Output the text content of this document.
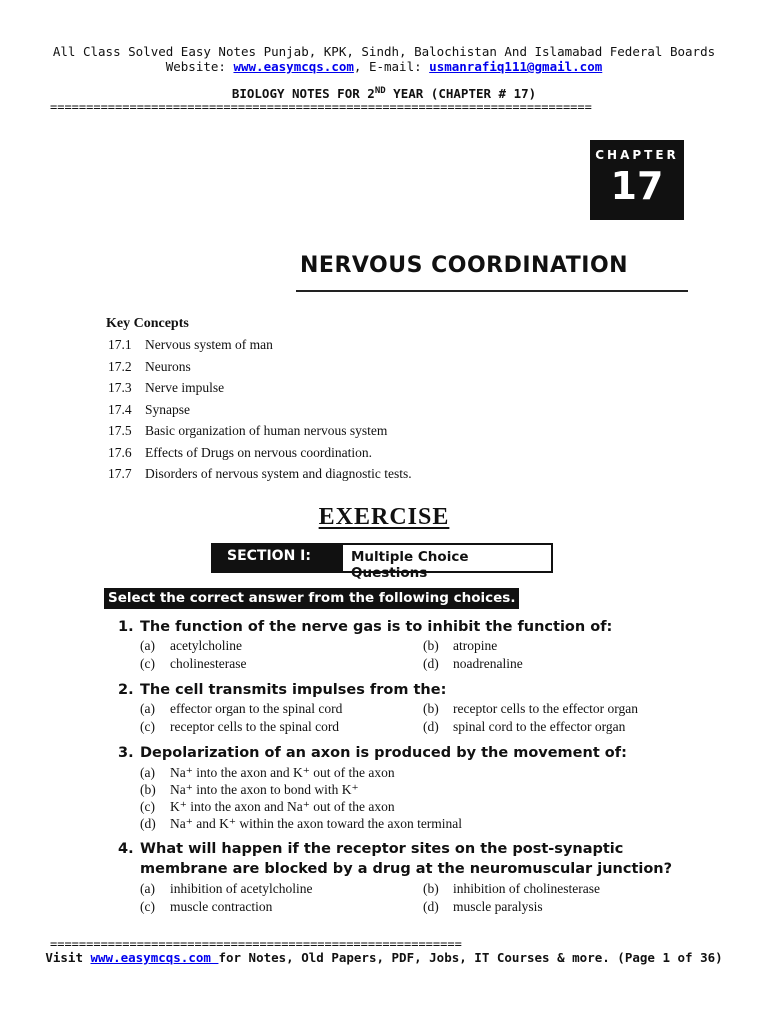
All Class Solved Easy Notes Punjab, KPK, Sindh, Balochistan And Islamabad Federal Boards
Website: www.easymcqs.com, E-mail: usmanrafiq111@gmail.com
BIOLOGY NOTES FOR 2ND YEAR (CHAPTER # 17)
===========================================================================
CHAPTER
17
NERVOUS COORDINATION
Key Concepts
17.1 Nervous system of man
17.2 Neurons
17.3 Nerve impulse
17.4 Synapse
17.5 Basic organization of human nervous system
17.6 Effects of Drugs on nervous coordination.
17.7 Disorders of nervous system and diagnostic tests.
EXERCISE
SECTION I:	Multiple Choice Questions
Select the correct answer from the following choices.
1. The function of the nerve gas is to inhibit the function of:
(a) acetylcholine	(b) atropine
(c) cholinesterase	(d) noadrenaline
2. The cell transmits impulses from the:
(a) effector organ to the spinal cord	(b) receptor cells to the effector organ
(c) receptor cells to the spinal cord	(d) spinal cord to the effector organ
3. Depolarization of an axon is produced by the movement of:
(a) Na⁺ into the axon and K⁺ out of the axon
(b) Na⁺ into the axon to bond with K⁺
(c) K⁺ into the axon and Na⁺ out of the axon
(d) Na⁺ and K⁺ within the axon toward the axon terminal
4. What will happen if the receptor sites on the post-synaptic membrane are blocked by a drug at the neuromuscular junction?
(a) inhibition of acetylcholine	(b) inhibition of cholinesterase
(c) muscle contraction	(d) muscle paralysis
=========================================================
Visit www.easymcqs.com for Notes, Old Papers, PDF, Jobs, IT Courses & more. (Page 1 of 36)
